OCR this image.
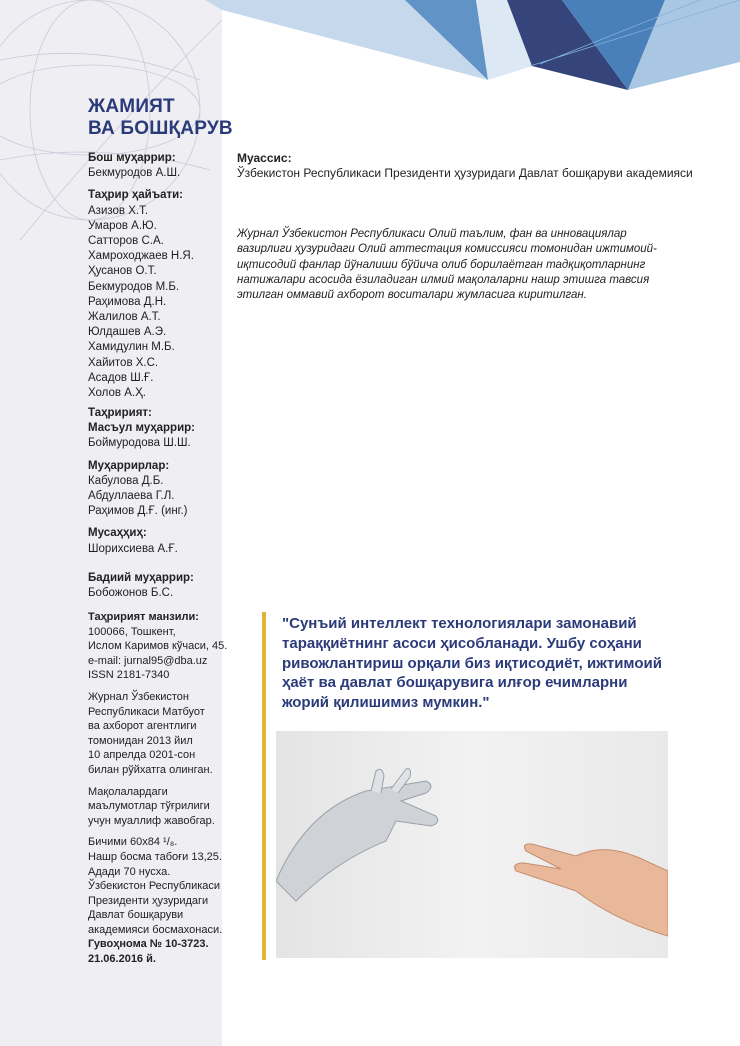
ЖАМИЯТ
ВА БОШҚАРУВ
Бош муҳаррир:
Бекмуродов А.Ш.
Таҳрир ҳайъати:
Азизов Х.Т.
Умаров А.Ю.
Сатторов С.А.
Хамроходжаев Н.Я.
Ҳусанов О.Т.
Бекмуродов М.Б.
Раҳимова Д.Н.
Жалилов А.Т.
Юлдашев А.Э.
Хамидулин М.Б.
Хайитов Х.С.
Асадов Ш.Ғ.
Холов А.Ҳ.
Таҳририят:
Масъул муҳаррир:
Боймуродова Ш.Ш.
Муҳаррирлар:
Кабулова Д.Б.
Абдуллаева Г.Л.
Раҳимов Д.Ғ. (инг.)
Мусаҳҳиҳ:
Шорихсиева А.Ғ.
Бадиий муҳаррир:
Бобожонов Б.С.
Таҳририят манзили:
100066, Тошкент,
Ислом Каримов кўчаси, 45.
e-mail: jurnal95@dba.uz
ISSN 2181-7340
Журнал Ўзбекистон
Республикаси Матбуот
ва ахборот агентлиги
томонидан 2013 йил
10 апрелда 0201-сон
билан рўйхатга олинган.
Мақолалардаги
маълумотлар тўғрилиги
учун муаллиф жавобгар.
Бичими 60х84 ¹/₈.
Нашр босма табоғи 13,25.
Адади 70 нусха.
Ўзбекистон Республикаси
Президенти ҳузуридаги
Давлат бошқаруви
академияси босмахонаси.
Гувоҳнома № 10-3723.
21.06.2016 й.
Муассис:
Ўзбекистон Республикаси Президенти ҳузуридаги Давлат бошқаруви академияси
Журнал Ўзбекистон Республикаси Олий таълим, фан ва инновациялар вазирлиги ҳузуридаги Олий аттестация комиссияси томонидан ижтимоий-иқтисодий фанлар йўналиши бўйича олиб борилаётган тадқиқотларнинг натижалари асосида ёзиладиган илмий мақолаларни нашр этишга тавсия этилган оммавий ахборот воситалари жумласига киритилган.
"Сунъий интеллект технологиялари замонавий тараққиётнинг асоси ҳисобланади. Ушбу соҳани ривожлантириш орқали биз иқтисодиёт, ижтимоий ҳаёт ва давлат бошқарувига илғор ечимларни жорий қилишимиз мумкин."
